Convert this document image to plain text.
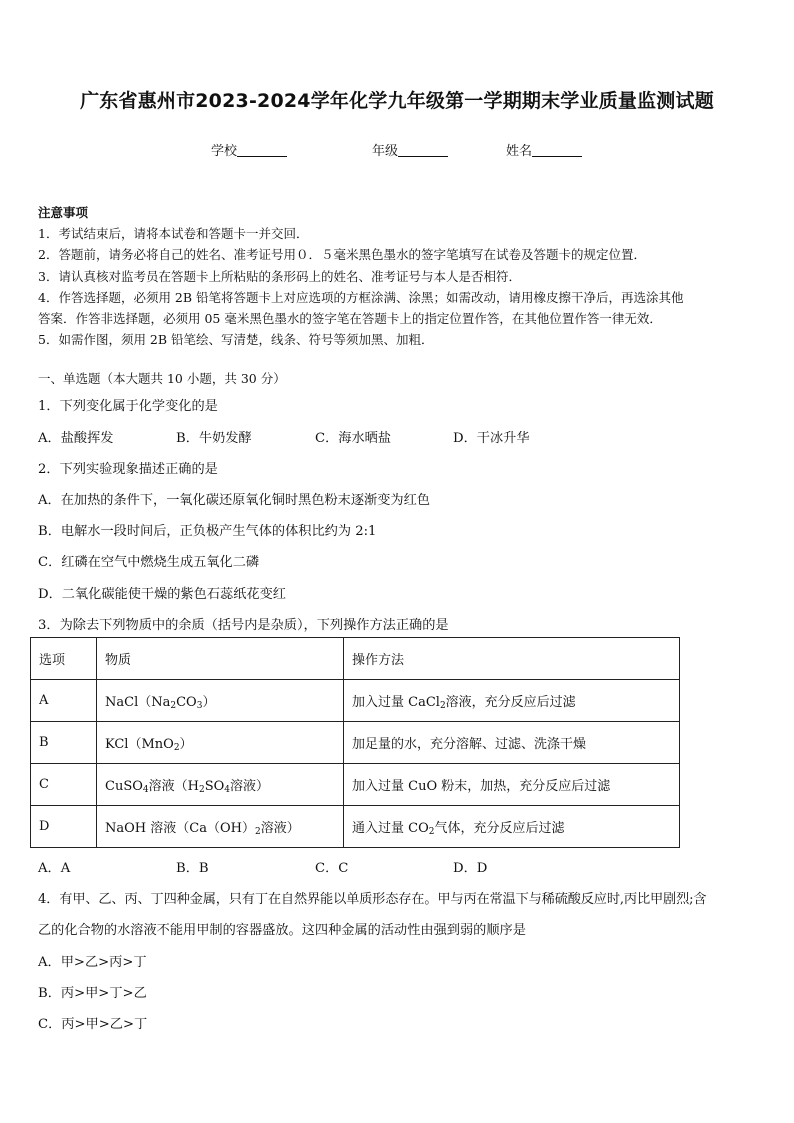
广东省惠州市2023-2024学年化学九年级第一学期期末学业质量监测试题
学校	年级	姓名
注意事项
1．考试结束后，请将本试卷和答题卡一并交回．
2．答题前，请务必将自己的姓名、准考证号用０．５毫米黑色墨水的签字笔填写在试卷及答题卡的规定位置．
3．请认真核对监考员在答题卡上所粘贴的条形码上的姓名、准考证号与本人是否相符．
4．作答选择题，必须用 2B 铅笔将答题卡上对应选项的方框涂满、涂黑；如需改动，请用橡皮擦干净后，再选涂其他
答案．作答非选择题，必须用 05 毫米黑色墨水的签字笔在答题卡上的指定位置作答，在其他位置作答一律无效．
5．如需作图，须用 2B 铅笔绘、写清楚，线条、符号等须加黑、加粗．
一、单选题（本大题共 10 小题，共 30 分）
1．下列变化属于化学变化的是
A．盐酸挥发	B．牛奶发酵	C．海水晒盐	D．干冰升华
2．下列实验现象描述正确的是
A．在加热的条件下，一氧化碳还原氧化铜时黑色粉末逐渐变为红色
B．电解水一段时间后，正负极产生气体的体积比约为 2:1
C．红磷在空气中燃烧生成五氧化二磷
D．二氧化碳能使干燥的紫色石蕊纸花变红
3．为除去下列物质中的余质（括号内是杂质），下列操作方法正确的是
选项	物质	操作方法
A	$NaCl(Na_2CO_3)$	加入过量 CaCl$_2$溶液，充分反应后过滤
B	KCl（MnO$_2$）	加足量的水，充分溶解、过滤、洗涤干燥
C	CuSO$_4$溶液（$H_2SO_4$溶液）	加入过量 CuO 粉末，加热，充分反应后过滤
D	NaOH 溶液（$Ca(OH)_2$溶液）	通入过量 $CO_2$气体，充分反应后过滤
A．A	B．B	C．C	D．D
4．有甲、乙、丙、丁四种金属，只有丁在自然界能以单质形态存在。甲与丙在常温下与稀硫酸反应时,丙比甲剧烈;含
乙的化合物的水溶液不能用甲制的容器盛放。这四种金属的活动性由强到弱的顺序是
A．甲>乙>丙>丁
B．丙>甲>丁>乙
C．丙>甲>乙>丁
